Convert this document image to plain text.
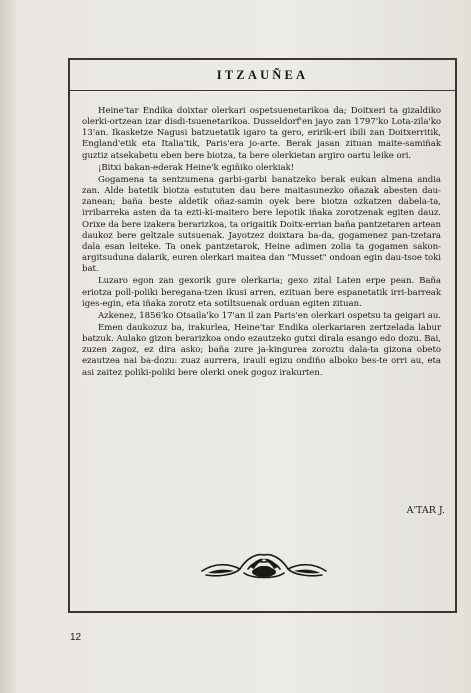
ITZAUÑEA

Heine'tar Endika doixtar olerkari ospetsuenetarikoa da; Doitxeri ta gizaldiko olerki-ortzean izar disdi-tsuenetarikoa. Dusseldorf'en jayo zan 1797'ko Lota-zila'ko 13'an. Ikasketze Nagusi batzuetatik igaro ta gero, eririk-eri ibili zan Doitxerritik, England'etik eta Italia'tik, Paris'era jo-arte. Berak jasan zituan maite-samiñak guztiz atsekabetu eben bere biotza, ta bere olerkietan argiro oartu leike ori.

¡Bitxi bakan-ederak Heine'k egiñiko olerkiak!

Gogamena ta sentzumena garbi-garbi banatzeko berak eukan almena andia zan. Alde batetik biotza estututen dau bere maitasunezko oñazak abesten dau-zanean; baña beste aldetik oñaz-samin oyek bere biotza ozkatzen dabela-ta, irribarreka asten da ta ezti-ki-maitero bere lepotik iñaka zorotzenak egiten dauz. Orixe da bere izakera berarizkoa, ta origaitik Doitx-errian baña pantzetaren artean daukoz bere geltzale sutsuenak. Jayotzez doixtara ba-da, gogamenez pan-tzetara dala esan leiteke. Ta onek pantzetarok, Heine adimen zolia ta gogamen sakon-argitsuduna dalarik, euren olerkari maitea dan "Musset" ondoan egin dau-tsoe toki bat.

Luzaro egon zan gexorik gure olerkaria; gexo zital Laten erpe pean. Baña eriotza poll-poliki beregana-tzen ikusi arren, ezituan bere espanetatik irri-barreak iges-egin, eta iñaka zorotz eta sotiltsuenak orduan egiten zituan.

Azkenez, 1856'ko Otsaila'ko 17'an il zan Paris'en olerkari ospetsu ta geigari au.

Emen daukozuz ba, irakurlea, Heine'tar Endika olerkariaren zertzelada labur batzuk. Aulako gizon berarizkoa ondo ezautzeko gutxi dirala esango edo dozu. Bai, zuzen zagoz, ez dira asko; baña zure ja-kingurea zoroztu dala-ta gizona obeto ezautzea nai ba-dozu: zuaz aurrera, irauli egizu ondiño alboko bes-te orri au, eta asi zaitez poliki-poliki bere olerki onek gogoz irakurten.

A'TAR J.
12
